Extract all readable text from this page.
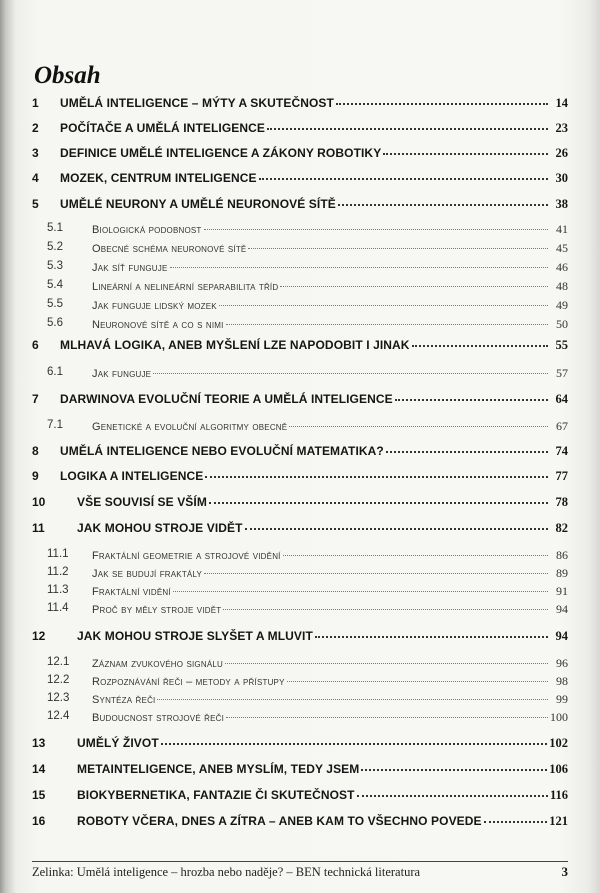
Obsah
1 UMĚLÁ INTELIGENCE – MÝTY A SKUTEČNOST	14
2 POČÍTAČE A UMĚLÁ INTELIGENCE	23
3 DEFINICE UMĚLÉ INTELIGENCE A ZÁKONY ROBOTIKY	26
4 MOZEK, CENTRUM INTELIGENCE	30
5 UMĚLÉ NEURONY A UMĚLÉ NEURONOVÉ SÍTĚ	38
5.1	Biologická podobnost	41
5.2	Obecné schéma neuronové sítě	45
5.3	Jak síť funguje	46
5.4	Lineární a nelineární separabilita tříd	48
5.5	Jak funguje lidský mozek	49
5.6	Neuronové sítě a co s nimi	50
6 MLHAVÁ LOGIKA, ANEB MYŠLENÍ LZE NAPODOBIT I JINAK	55
6.1	Jak funguje	57
7 DARWINOVA EVOLUČNÍ TEORIE A UMĚLÁ INTELIGENCE	64
7.1	Genetické a evoluční algoritmy obecně	67
8 UMĚLÁ INTELIGENCE NEBO EVOLUČNÍ MATEMATIKA?	74
9 LOGIKA A INTELIGENCE	77
10	VŠE SOUVISÍ SE VŠÍM	78
11	JAK MOHOU STROJE VIDĚT	82
11.1 Fraktální geometrie a strojové vidění	86
11.2 Jak se budují fraktály	89
11.3 Fraktální vidění	91
11.4 Proč by měly stroje vidět	94
12	JAK MOHOU STROJE SLYŠET A MLUVIT	94
12.1 Záznam zvukového signálu	96
12.2 Rozpoznávání řeči – metody a přístupy	98
12.3 Syntéza řeči	99
12.4 Budoucnost strojové řeči	100
13	UMĚLÝ ŽIVOT	102
14	METAINTELIGENCE, ANEB MYSLÍM, TEDY JSEM	106
15	BIOKYBERNETIKA, FANTAZIE ČI SKUTEČNOST	116
16	ROBOTY VČERA, DNES A ZÍTRA – ANEB KAM TO VŠECHNO POVEDE	121
Zelinka: Umělá inteligence – hrozba nebo naděje? – BEN technická literatura	3
